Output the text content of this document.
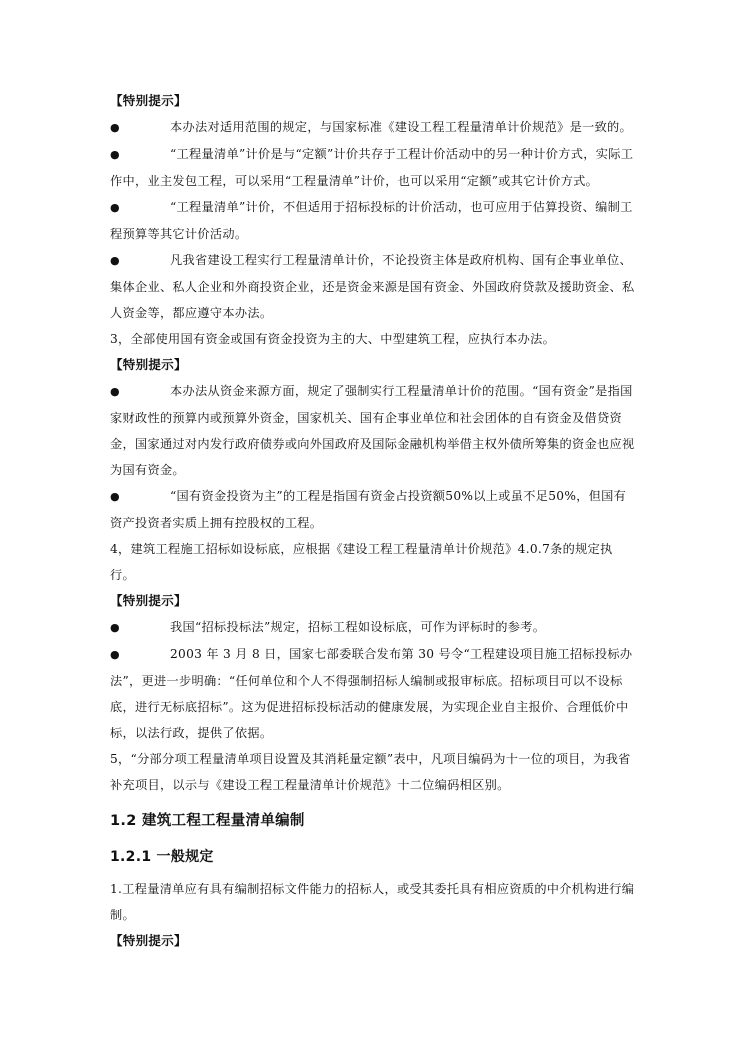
【特别提示】

●	本办法对适用范围的规定，与国家标准《建设工程工程量清单计价规范》是一致的。

●	“工程量清单”计价是与“定额”计价共存于工程计价活动中的另一种计价方式，实际工作中，业主发包工程，可以采用“工程量清单”计价，也可以采用“定额”或其它计价方式。

●	“工程量清单”计价，不但适用于招标投标的计价活动，也可应用于估算投资、编制工程预算等其它计价活动。

●	凡我省建设工程实行工程量清单计价，不论投资主体是政府机构、国有企事业单位、集体企业、私人企业和外商投资企业，还是资金来源是国有资金、外国政府贷款及援助资金、私人资金等，都应遵守本办法。

3，全部使用国有资金或国有资金投资为主的大、中型建筑工程，应执行本办法。

【特别提示】

●	本办法从资金来源方面，规定了强制实行工程量清单计价的范围。“国有资金”是指国家财政性的预算内或预算外资金，国家机关、国有企事业单位和社会团体的自有资金及借贷资金，国家通过对内发行政府债券或向外国政府及国际金融机构举借主权外债所筹集的资金也应视为国有资金。

●	“国有资金投资为主”的工程是指国有资金占投资额50%以上或虽不足50%，但国有资产投资者实质上拥有控股权的工程。

4，建筑工程施工招标如设标底，应根据《建设工程工程量清单计价规范》4.0.7条的规定执行。

【特别提示】

●	我国“招标投标法”规定，招标工程如设标底，可作为评标时的参考。

●	2003 年 3 月 8 日，国家七部委联合发布第 30 号令“工程建设项目施工招标投标办法”，更进一步明确：“任何单位和个人不得强制招标人编制或报审标底。招标项目可以不设标底，进行无标底招标”。这为促进招标投标活动的健康发展，为实现企业自主报价、合理低价中标，以法行政，提供了依据。

5，“分部分项工程量清单项目设置及其消耗量定额”表中，凡项目编码为十一位的项目，为我省补充项目，以示与《建设工程工程量清单计价规范》十二位编码相区别。

1.2 建筑工程工程量清单编制

1.2.1 一般规定

1.工程量清单应有具有编制招标文件能力的招标人，或受其委托具有相应资质的中介机构进行编制。

【特别提示】
